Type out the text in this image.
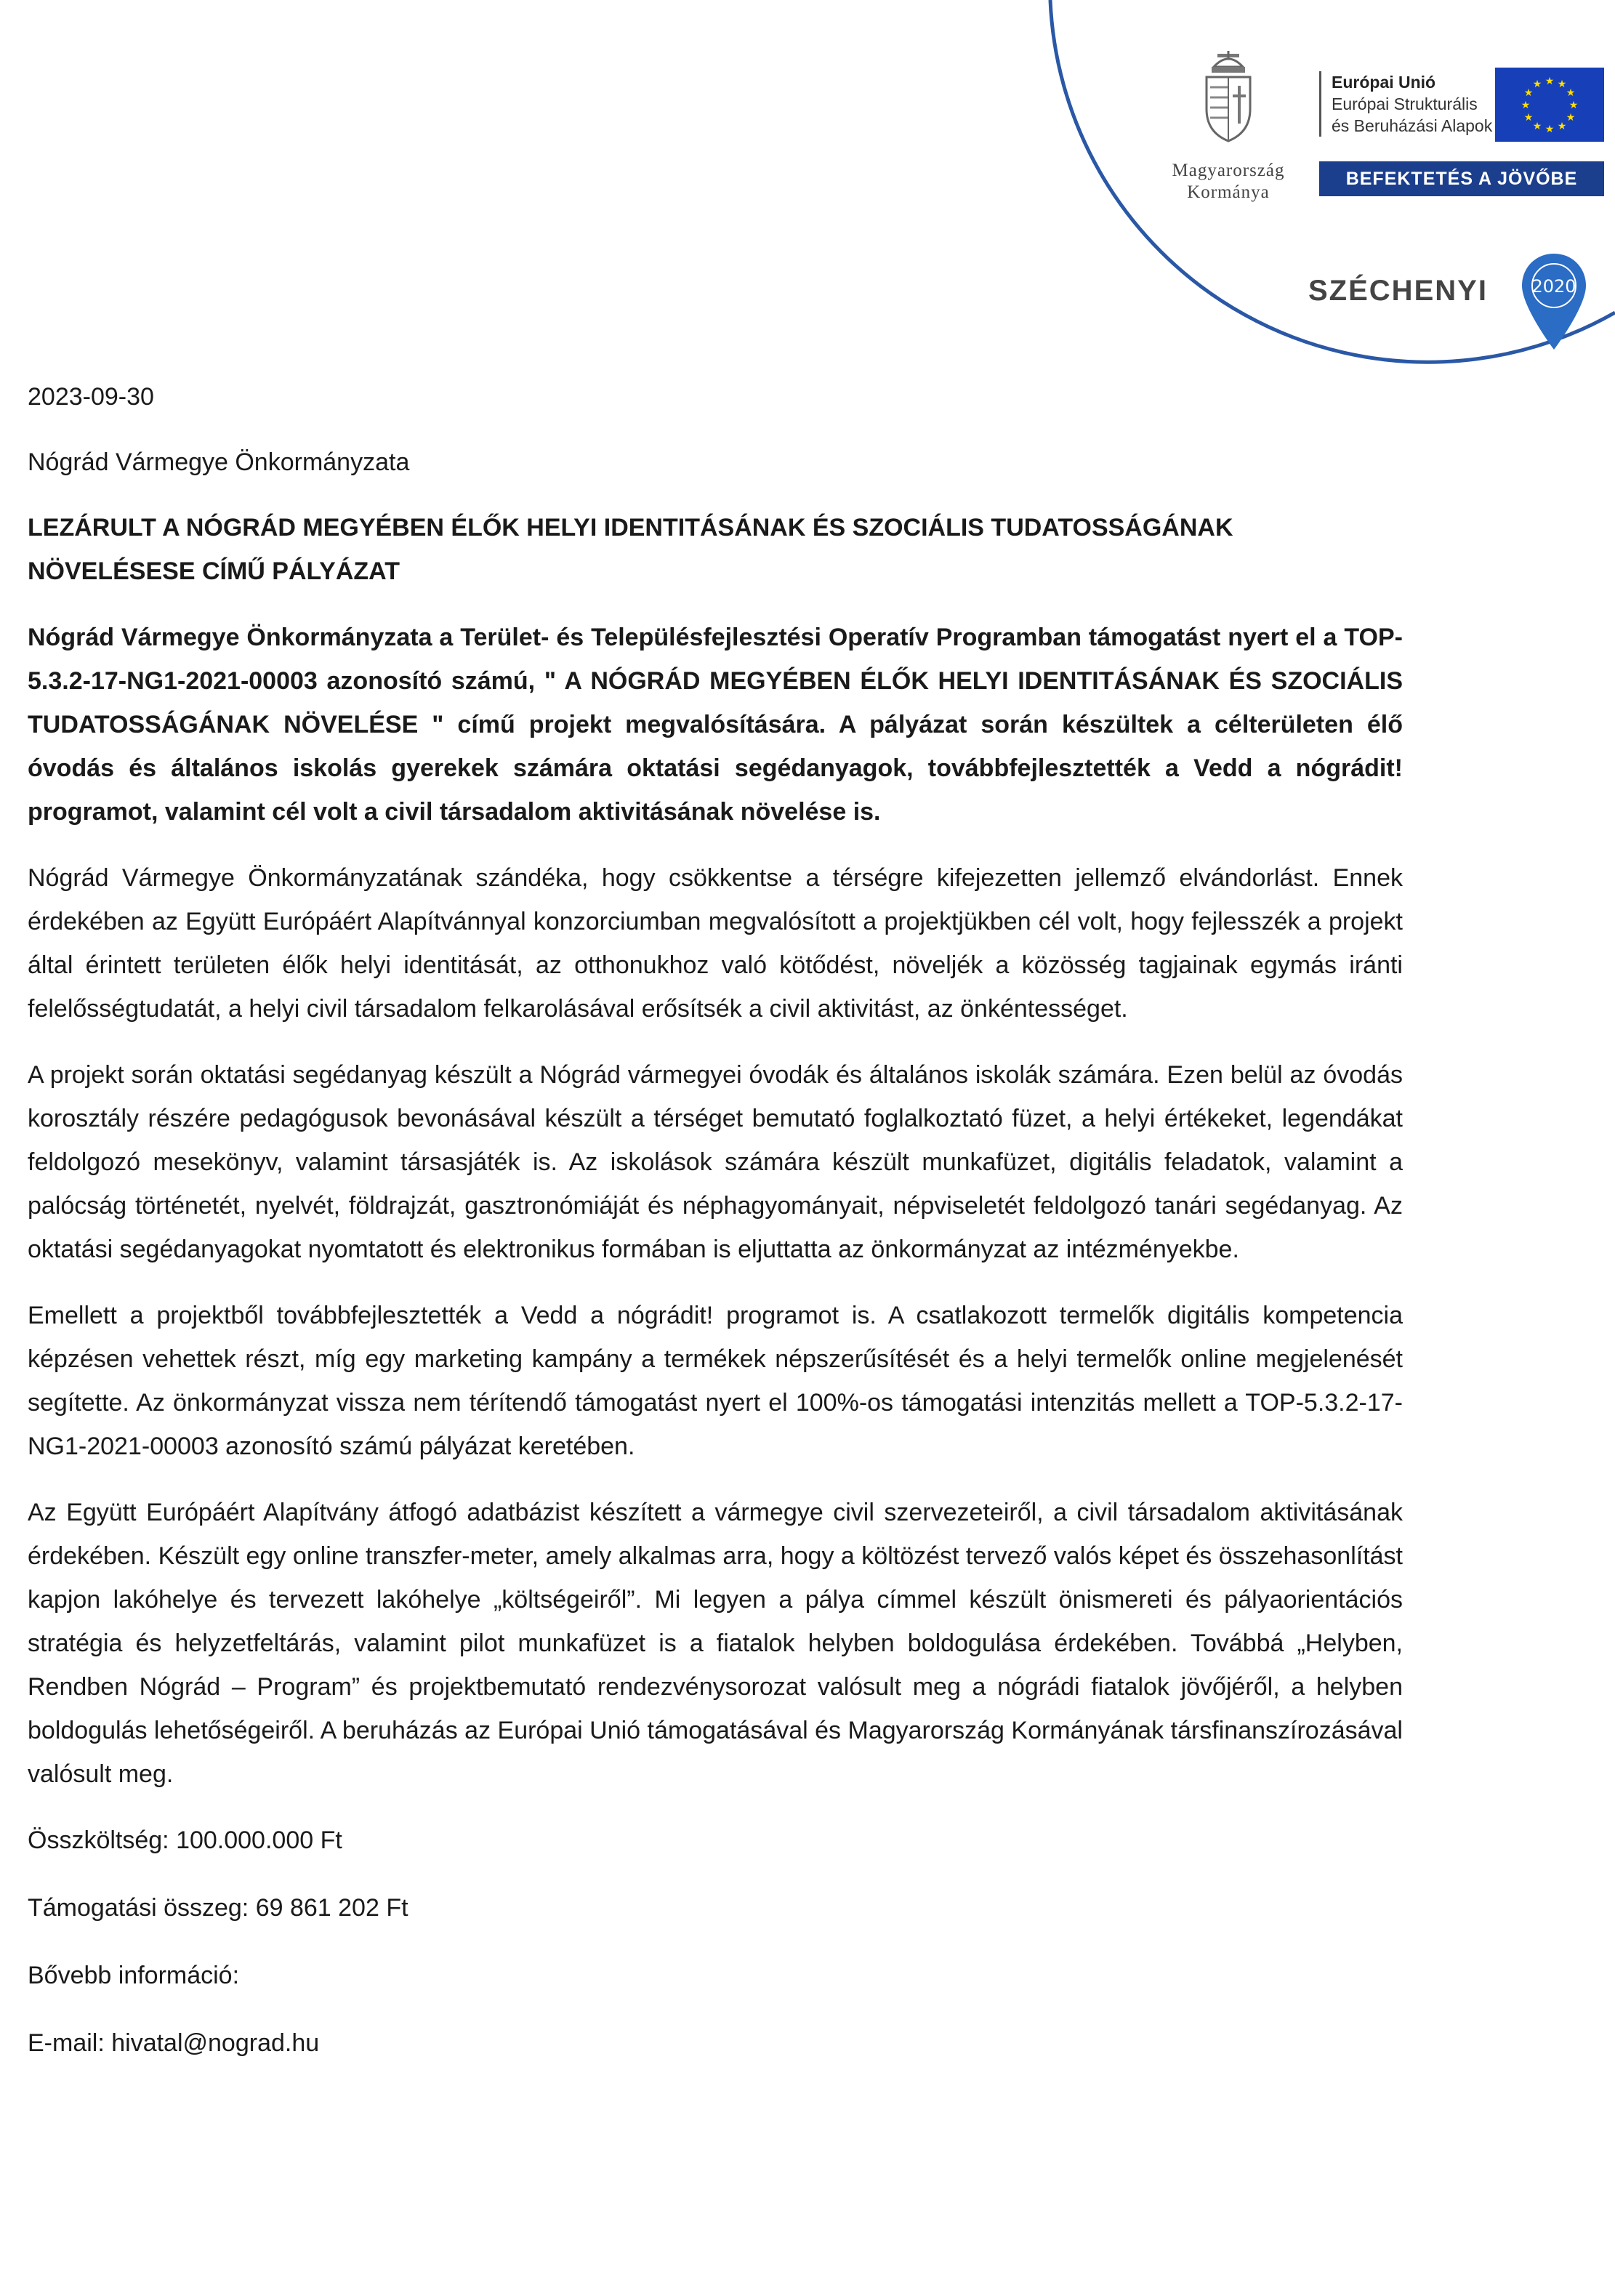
Magyarország
Kormánya
Európai Unió
Európai Strukturális
és Beruházási Alapok
★ ★
★
★
★
★
★
★
★
★
★
★
BEFEKTETÉS A JÖVŐBE
SZÉCHENYI	2020

2023-09-30

Nógrád Vármegye Önkormányzata

LEZÁRULT A NÓGRÁD MEGYÉBEN ÉLŐK HELYI IDENTITÁSÁNAK ÉS SZOCIÁLIS TUDATOSSÁGÁNAK NÖVELÉSESE CÍMŰ PÁLYÁZAT

Nógrád Vármegye Önkormányzata a Terület- és Településfejlesztési Operatív Programban támogatást nyert el a TOP-5.3.2-17-NG1-2021-00003 azonosító számú, " A NÓGRÁD MEGYÉBEN ÉLŐK HELYI IDENTITÁSÁNAK ÉS SZOCIÁLIS TUDATOSSÁGÁNAK NÖVELÉSE " című projekt megvalósítására. A pályázat során készültek a célterületen élő óvodás és általános iskolás gyerekek számára oktatási segédanyagok, továbbfejlesztették a Vedd a nógrádit! programot, valamint cél volt a civil társadalom aktivitásának növelése is.

Nógrád Vármegye Önkormányzatának szándéka, hogy csökkentse a térségre kifejezetten jellemző elvándorlást. Ennek érdekében az Együtt Európáért Alapítvánnyal konzorciumban megvalósított a projektjükben cél volt, hogy fejlesszék a projekt által érintett területen élők helyi identitását, az otthonukhoz való kötődést, növeljék a közösség tagjainak egymás iránti felelősségtudatát, a helyi civil társadalom felkarolásával erősítsék a civil aktivitást, az önkéntességet.

A projekt során oktatási segédanyag készült a Nógrád vármegyei óvodák és általános iskolák számára. Ezen belül az óvodás korosztály részére pedagógusok bevonásával készült a térséget bemutató foglalkoztató füzet, a helyi értékeket, legendákat feldolgozó mesekönyv, valamint társasjáték is. Az iskolások számára készült munkafüzet, digitális feladatok, valamint a palócság történetét, nyelvét, földrajzát, gasztronómiáját és néphagyományait, népviseletét feldolgozó tanári segédanyag. Az oktatási segédanyagokat nyomtatott és elektronikus formában is eljuttatta az önkormányzat az intézményekbe.

Emellett a projektből továbbfejlesztették a Vedd a nógrádit! programot is. A csatlakozott termelők digitális kompetencia képzésen vehettek részt, míg egy marketing kampány a termékek népszerűsítését és a helyi termelők online megjelenését segítette. Az önkormányzat vissza nem térítendő támogatást nyert el 100%-os támogatási intenzitás mellett a TOP-5.3.2-17-NG1-2021-00003 azonosító számú pályázat keretében.

Az Együtt Európáért Alapítvány átfogó adatbázist készített a vármegye civil szervezeteiről, a civil társadalom aktivitásának érdekében. Készült egy online transzfer-meter, amely alkalmas arra, hogy a költözést tervező valós képet és összehasonlítást kapjon lakóhelye és tervezett lakóhelye „költségeiről”. Mi legyen a pálya címmel készült önismereti és pályaorientációs stratégia és helyzetfeltárás, valamint pilot munkafüzet is a fiatalok helyben boldogulása érdekében. Továbbá „Helyben, Rendben Nógrád – Program” és projektbemutató rendezvénysorozat valósult meg a nógrádi fiatalok jövőjéről, a helyben boldogulás lehetőségeiről. A beruházás az Európai Unió támogatásával és Magyarország Kormányának társfinanszírozásával valósult meg.

Összköltség: 100.000.000 Ft

Támogatási összeg: 69 861 202 Ft

Bővebb információ:

E-mail: hivatal@nograd.hu
